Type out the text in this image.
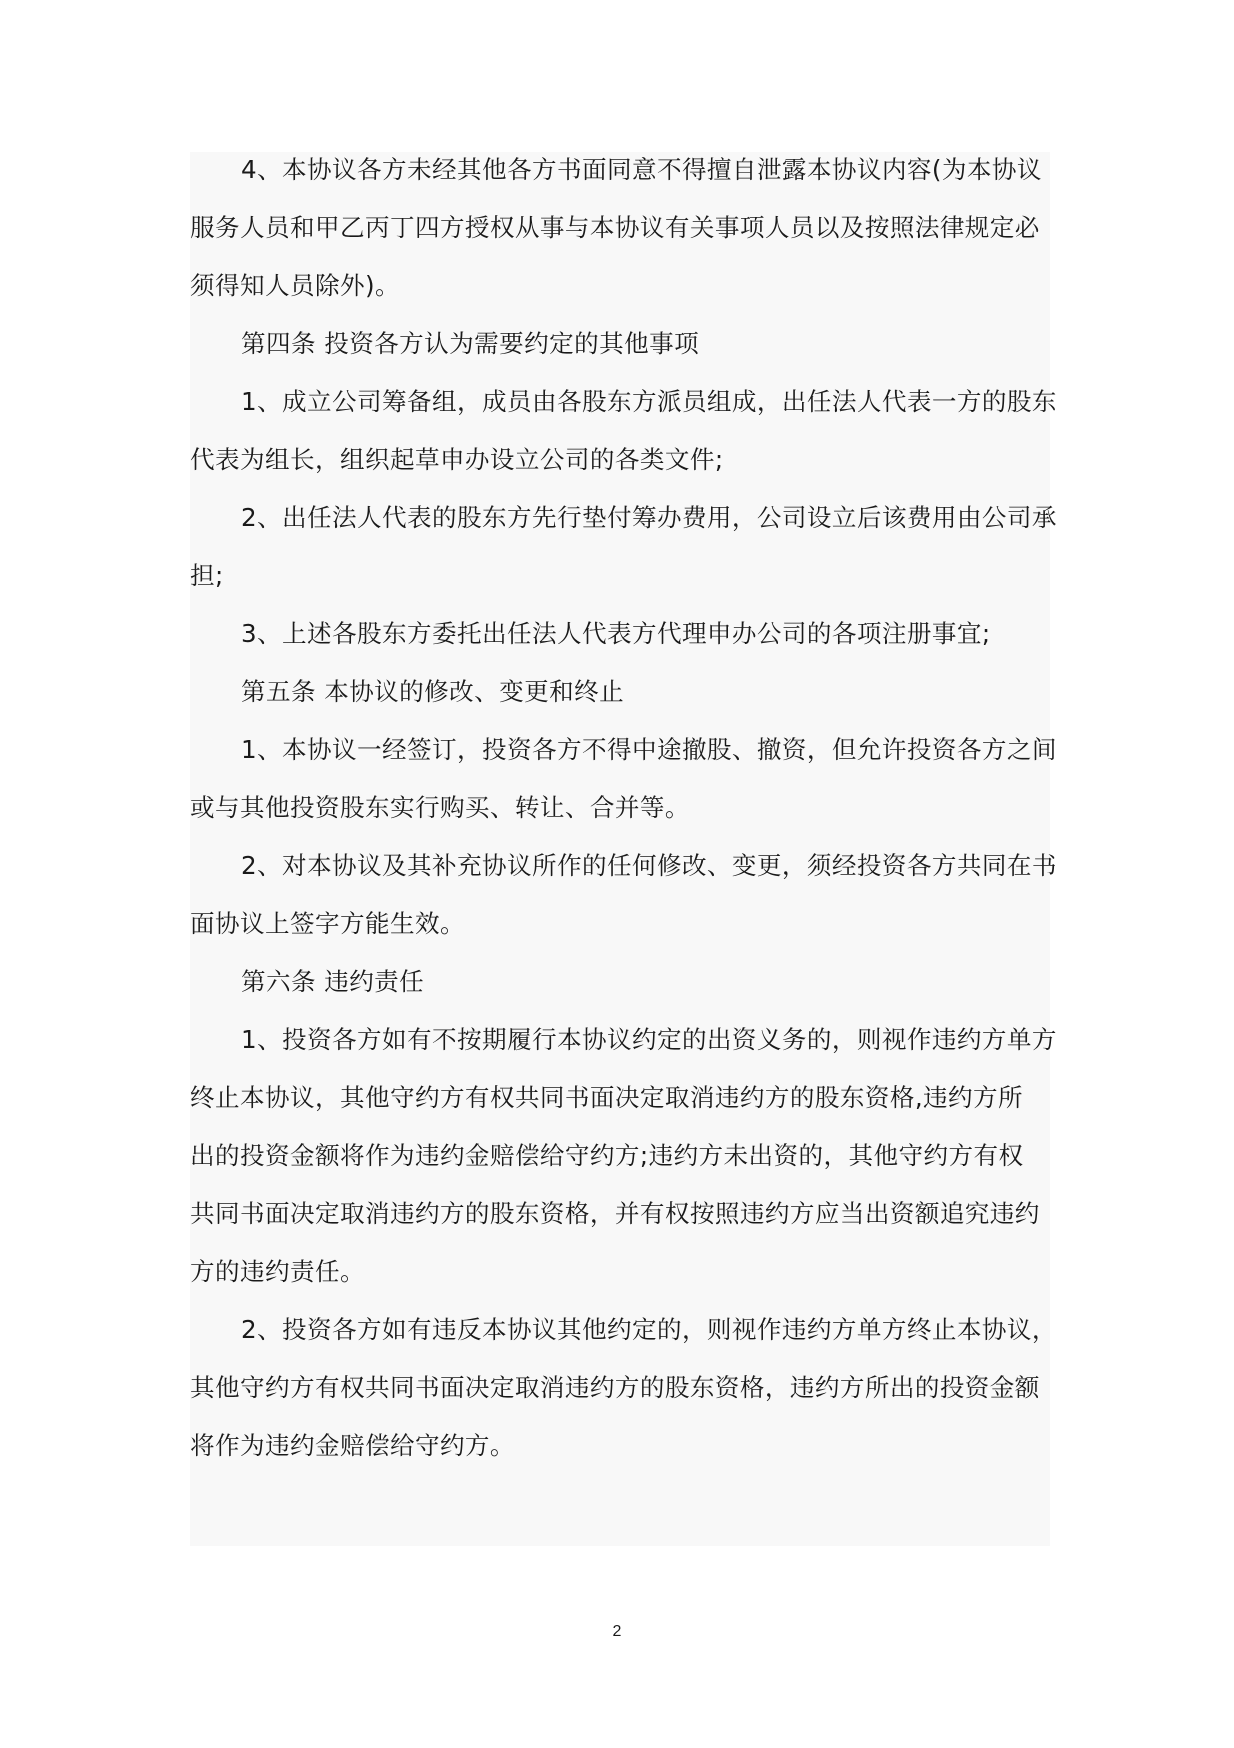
4、本协议各方未经其他各方书面同意不得擅自泄露本协议内容(为本协议
服务人员和甲乙丙丁四方授权从事与本协议有关事项人员以及按照法律规定必
须得知人员除外)。
第四条 投资各方认为需要约定的其他事项
1、成立公司筹备组，成员由各股东方派员组成，出任法人代表一方的股东
代表为组长，组织起草申办设立公司的各类文件;
2、出任法人代表的股东方先行垫付筹办费用，公司设立后该费用由公司承
担;
3、上述各股东方委托出任法人代表方代理申办公司的各项注册事宜;
第五条 本协议的修改、变更和终止
1、本协议一经签订，投资各方不得中途撤股、撤资，但允许投资各方之间
或与其他投资股东实行购买、转让、合并等。
2、对本协议及其补充协议所作的任何修改、变更，须经投资各方共同在书
面协议上签字方能生效。
第六条 违约责任
1、投资各方如有不按期履行本协议约定的出资义务的，则视作违约方单方
终止本协议，其他守约方有权共同书面决定取消违约方的股东资格,违约方所
出的投资金额将作为违约金赔偿给守约方;违约方未出资的，其他守约方有权
共同书面决定取消违约方的股东资格，并有权按照违约方应当出资额追究违约
方的违约责任。
2、投资各方如有违反本协议其他约定的，则视作违约方单方终止本协议，
其他守约方有权共同书面决定取消违约方的股东资格，违约方所出的投资金额
将作为违约金赔偿给守约方。
2
